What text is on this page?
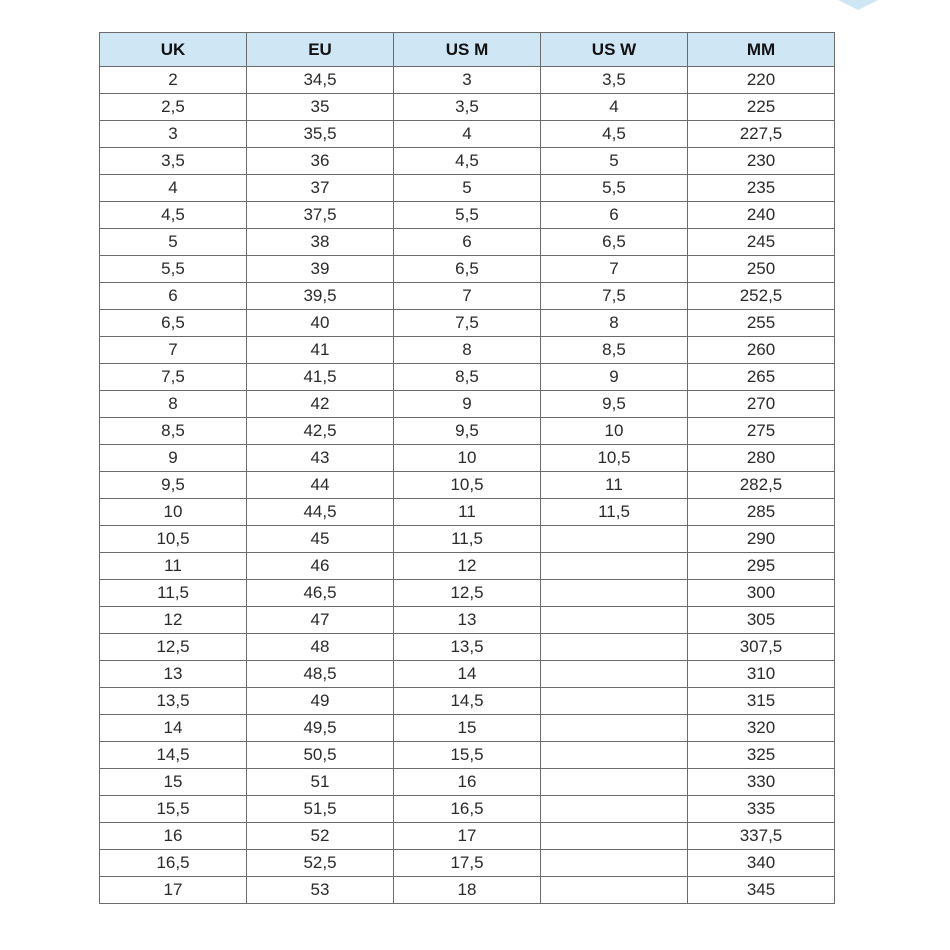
UK	EU	US M	US W	MM
2	34,5	3	3,5	220
2,5	35	3,5	4	225
3	35,5	4	4,5	227,5
3,5	36	4,5	5	230
4	37	5	5,5	235
4,5	37,5	5,5	6	240
5	38	6	6,5	245
5,5	39	6,5	7	250
6	39,5	7	7,5	252,5
6,5	40	7,5	8	255
7	41	8	8,5	260
7,5	41,5	8,5	9	265
8	42	9	9,5	270
8,5	42,5	9,5	10	275
9	43	10	10,5	280
9,5	44	10,5	11	282,5
10	44,5	11	11,5	285
10,5	45	11,5		290
11	46	12		295
11,5	46,5	12,5		300
12	47	13		305
12,5	48	13,5		307,5
13	48,5	14		310
13,5	49	14,5		315
14	49,5	15		320
14,5	50,5	15,5		325
15	51	16		330
15,5	51,5	16,5		335
16	52	17		337,5
16,5	52,5	17,5		340
17	53	18		345
